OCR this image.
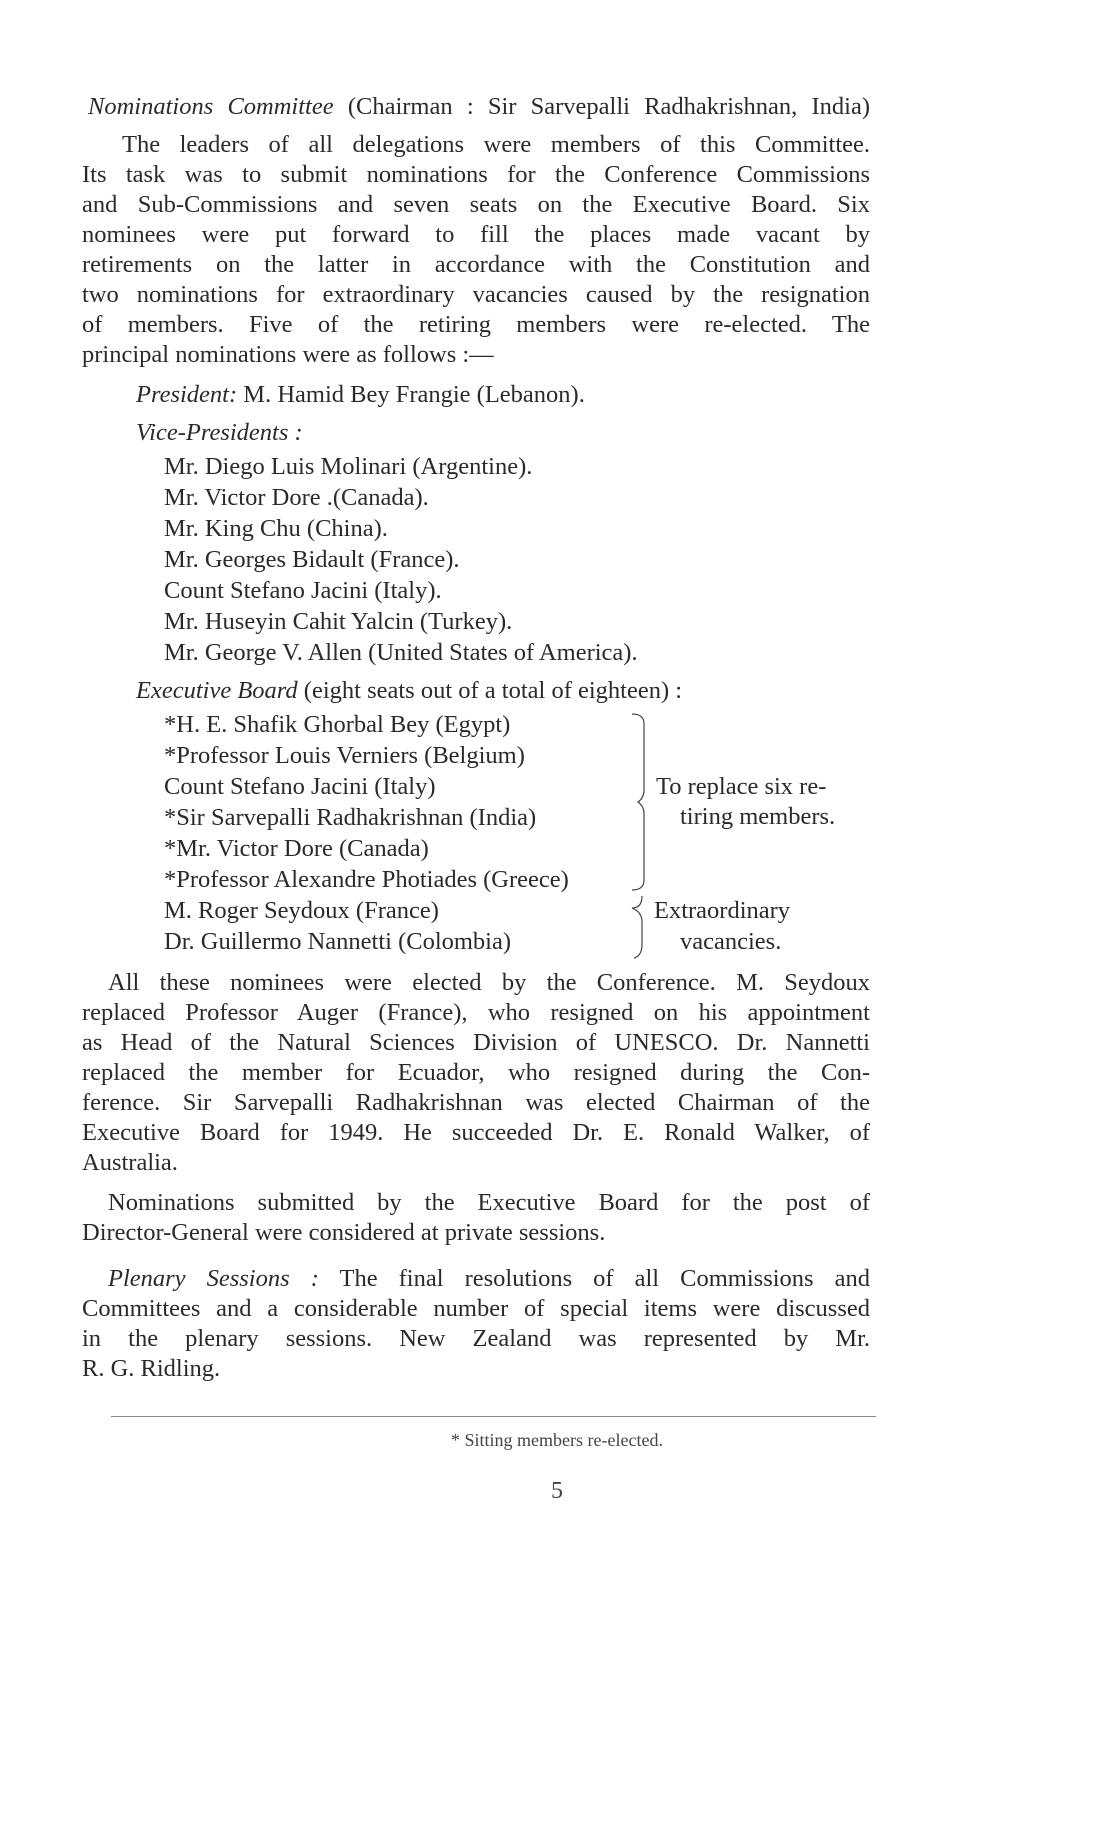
Nominations Committee (Chairman : Sir Sarvepalli Radhakrishnan, India)
The leaders of all delegations were members of this Committee.
Its task was to submit nominations for the Conference Commissions
and Sub-Commissions and seven seats on the Executive Board. Six
nominees were put forward to fill the places made vacant by
retirements on the latter in accordance with the Constitution and
two nominations for extraordinary vacancies caused by the resignation
of members. Five of the retiring members were re-elected. The
principal nominations were as follows :—
President: M. Hamid Bey Frangie (Lebanon).
Vice-Presidents :
Mr. Diego Luis Molinari (Argentine).
Mr. Victor Dore .(Canada).
Mr. King Chu (China).
Mr. Georges Bidault (France).
Count Stefano Jacini (Italy).
Mr. Huseyin Cahit Yalcin (Turkey).
Mr. George V. Allen (United States of America).
Executive Board (eight seats out of a total of eighteen) :
*H. E. Shafik Ghorbal Bey (Egypt)
*Professor Louis Verniers (Belgium)
Count Stefano Jacini (Italy)
*Sir Sarvepalli Radhakrishnan (India)
*Mr. Victor Dore (Canada)
*Professor Alexandre Photiades (Greece)
M. Roger Seydoux (France)
Dr. Guillermo Nannetti (Colombia)
To replace six re-
tiring members.
Extraordinary
vacancies.
All these nominees were elected by the Conference. M. Seydoux
replaced Professor Auger (France), who resigned on his appointment
as Head of the Natural Sciences Division of UNESCO. Dr. Nannetti
replaced the member for Ecuador, who resigned during the Con-
ference. Sir Sarvepalli Radhakrishnan was elected Chairman of the
Executive Board for 1949. He succeeded Dr. E. Ronald Walker, of
Australia.
Nominations submitted by the Executive Board for the post of
Director-General were considered at private sessions.
Plenary Sessions : The final resolutions of all Commissions and
Committees and a considerable number of special items were discussed
in the plenary sessions. New Zealand was represented by Mr.
R. G. Ridling.
* Sitting members re-elected.
5
